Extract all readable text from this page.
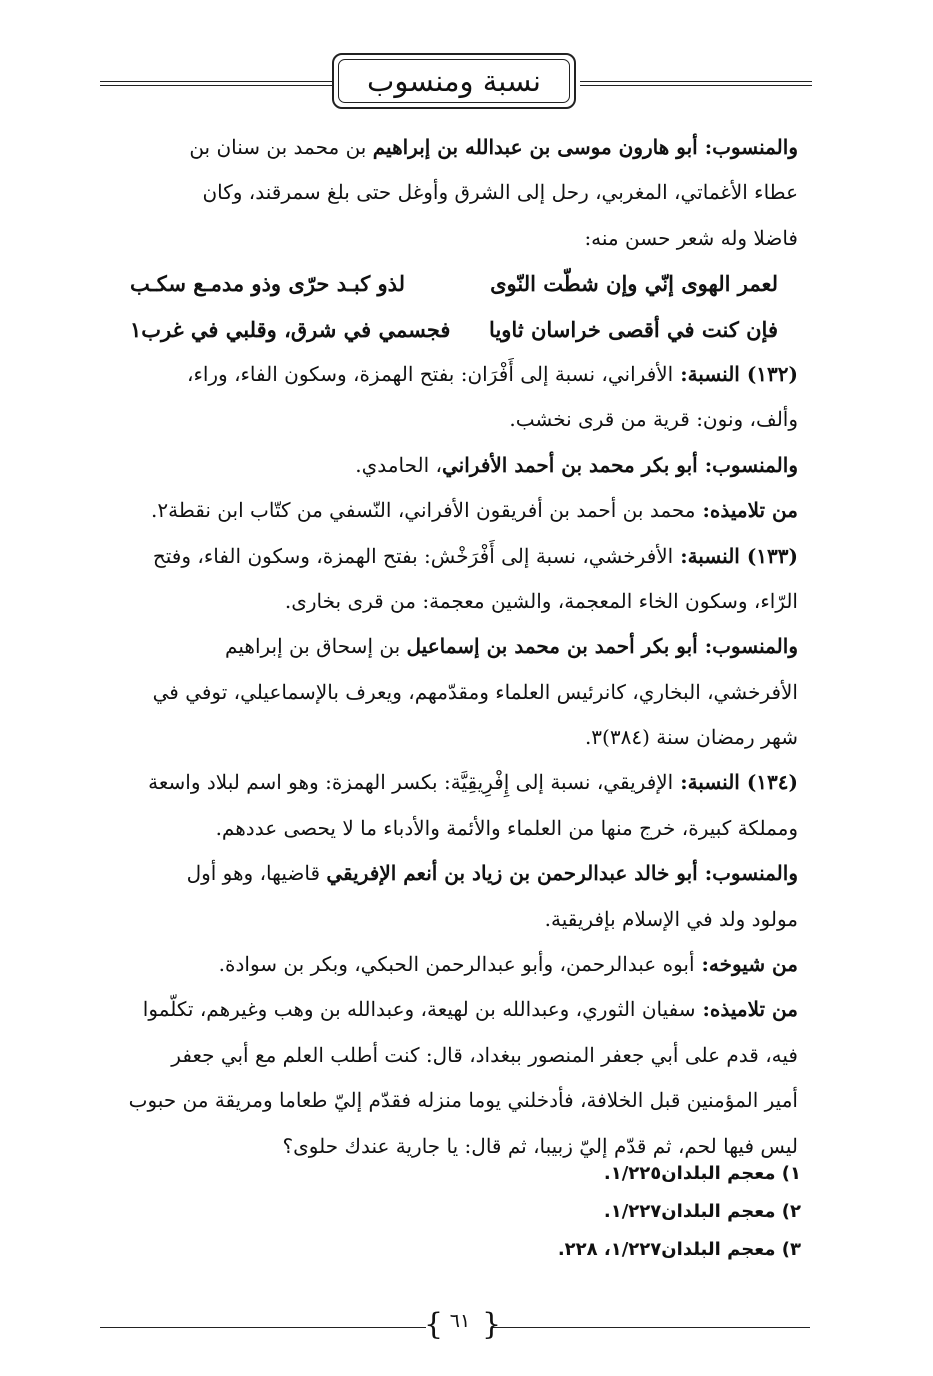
نسبة ومنسوب
والمنسوب: أبو هارون موسى بن عبدالله بن إبراهيم بن محمد بن سنان بن
عطاء الأغماتي، المغربي، رحل إلى الشرق وأوغل حتى بلغ سمرقند، وكان
فاضلا وله شعر حسن منه:
لعمر الهوى إنّي وإن شطّت النّوى
لذو كبـد حرّى وذو مدمـع سكـب
فإن كنت في أقصى خراسان ثاويا
فجسمي في شرق، وقلبي في غرب١
(١٣٢) النسبة: الأفراني، نسبة إلى أَفْرَان: بفتح الهمزة، وسكون الفاء، وراء،
وألف، ونون: قرية من قرى نخشب.
والمنسوب: أبو بكر محمد بن أحمد الأفراني، الحامدي.
من تلاميذه: محمد بن أحمد بن أفريقون الأفراني، النّسفي من كتّاب ابن نقطة٢.
(١٣٣) النسبة: الأفرخشي، نسبة إلى أَفْرَخْش: بفتح الهمزة، وسكون الفاء، وفتح
الرّاء، وسكون الخاء المعجمة، والشين معجمة: من قرى بخارى.
والمنسوب: أبو بكر أحمد بن محمد بن إسماعيل بن إسحاق بن إبراهيم
الأفرخشي، البخاري، كانرئيس العلماء ومقدّمهم، ويعرف بالإسماعيلي، توفي في
شهر رمضان سنة (٣٨٤)٣.
(١٣٤) النسبة: الإفريقي، نسبة إلى إِفْرِيقِيَّة: بكسر الهمزة: وهو اسم لبلاد واسعة
ومملكة كبيرة، خرج منها من العلماء والأئمة والأدباء ما لا يحصى عددهم.
والمنسوب: أبو خالد عبدالرحمن بن زياد بن أنعم الإفريقي قاضيها، وهو أول
مولود ولد في الإسلام بإفريقية.
من شيوخه: أبوه عبدالرحمن، وأبو عبدالرحمن الحبكي، وبكر بن سوادة.
من تلاميذه: سفيان الثوري، وعبدالله بن لهيعة، وعبدالله بن وهب وغيرهم، تكلّموا
فيه، قدم على أبي جعفر المنصور ببغداد، قال: كنت أطلب العلم مع أبي جعفر
أمير المؤمنين قبل الخلافة، فأدخلني يوما منزله فقدّم إليّ طعاما ومريقة من حبوب
ليس فيها لحم، ثم قدّم إليّ زبيبا، ثم قال: يا جارية عندك حلوى؟
١) معجم البلدان١/٢٢٥.
٢) معجم البلدان١/٢٢٧.
٣) معجم البلدان١/٢٢٧، ٢٢٨.
{ ٦١ }
